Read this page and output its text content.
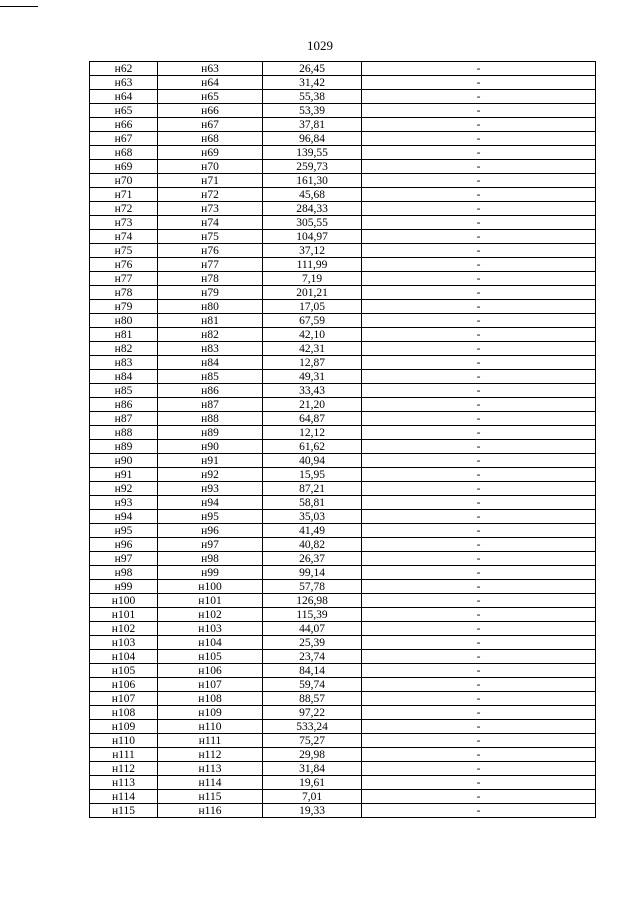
1029
н62	н63	26,45	-
н63	н64	31,42	-
н64	н65	55,38	-
н65	н66	53,39	-
н66	н67	37,81	-
н67	н68	96,84	-
н68	н69	139,55	-
н69	н70	259,73	-
н70	н71	161,30	-
н71	н72	45,68	-
н72	н73	284,33	-
н73	н74	305,55	-
н74	н75	104,97	-
н75	н76	37,12	-
н76	н77	111,99	-
н77	н78	7,19	-
н78	н79	201,21	-
н79	н80	17,05	-
н80	н81	67,59	-
н81	н82	42,10	-
н82	н83	42,31	-
н83	н84	12,87	-
н84	н85	49,31	-
н85	н86	33,43	-
н86	н87	21,20	-
н87	н88	64,87	-
н88	н89	12,12	-
н89	н90	61,62	-
н90	н91	40,94	-
н91	н92	15,95	-
н92	н93	87,21	-
н93	н94	58,81	-
н94	н95	35,03	-
н95	н96	41,49	-
н96	н97	40,82	-
н97	н98	26,37	-
н98	н99	99,14	-
н99	н100	57,78	-
н100	н101	126,98	-
н101	н102	115,39	-
н102	н103	44,07	-
н103	н104	25,39	-
н104	н105	23,74	-
н105	н106	84,14	-
н106	н107	59,74	-
н107	н108	88,57	-
н108	н109	97,22	-
н109	н110	533,24	-
н110	н111	75,27	-
н111	н112	29,98	-
н112	н113	31,84	-
н113	н114	19,61	-
н114	н115	7,01	-
н115	н116	19,33	-
